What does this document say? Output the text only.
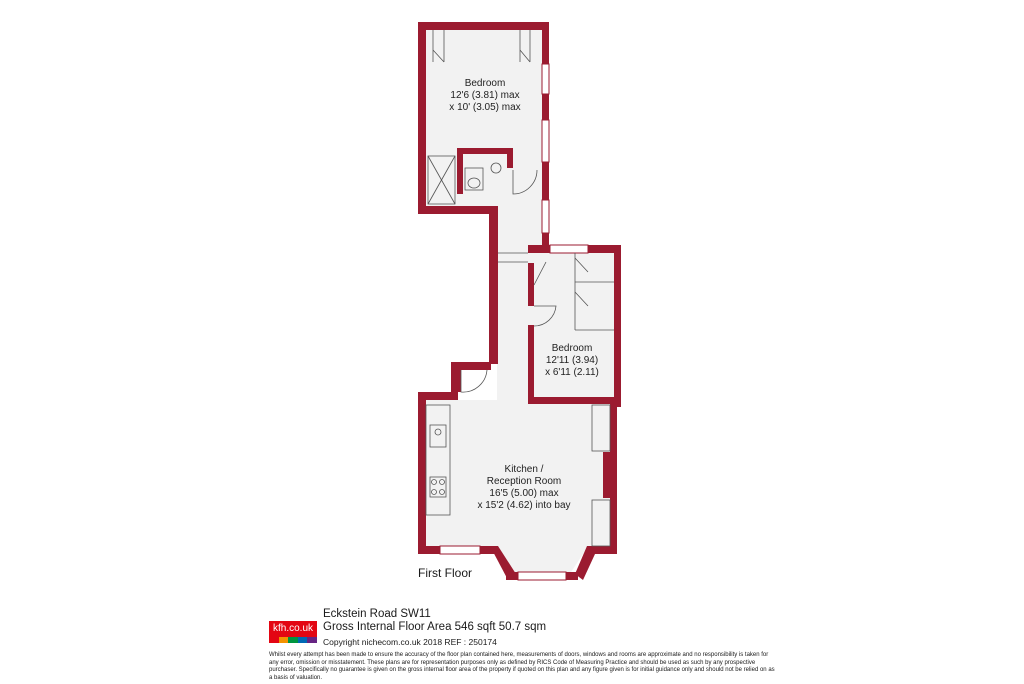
Bedroom
12'6 (3.81) max
x 10' (3.05) max
Bedroom
12'11 (3.94)
x 6'11 (2.11)
Kitchen /
Reception Room
16'5 (5.00) max
x 15'2 (4.62) into bay
First Floor
Eckstein Road SW11
kfh.co.uk Gross Internal Floor Area 546 sqft 50.7 sqm
Copyright nichecom.co.uk 2018 REF : 250174
Whilst every attempt has been made to ensure the accuracy of the floor plan contained here, measurements of doors, windows and rooms are approximate and no responsibility is taken for any error, omission or misstatement. These plans are for representation purposes only as defined by RICS Code of Measuring Practice and should be used as such by any prospective purchaser. Specifically no guarantee is given on the gross internal floor area of the property if quoted on this plan and any figure given is for initial guidance only and should not be relied on as a basis of valuation.
